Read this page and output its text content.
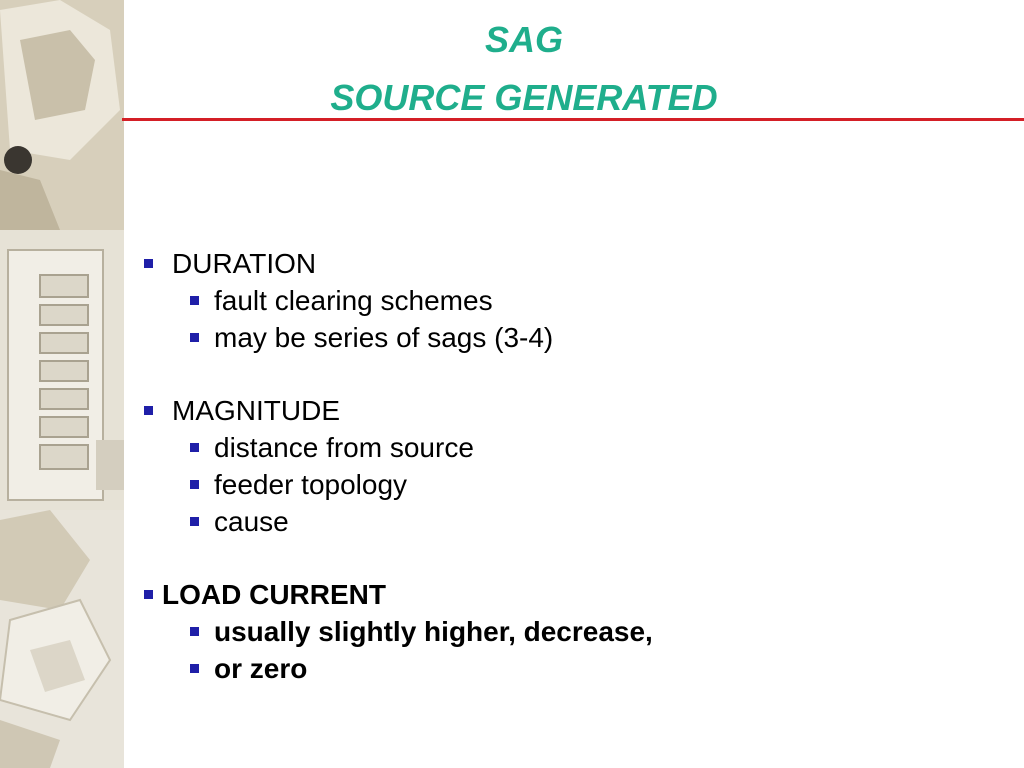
SAG
SOURCE GENERATED
DURATION
fault clearing schemes
may be series of sags (3-4)
MAGNITUDE
distance from source
feeder topology
cause
LOAD CURRENT
usually slightly higher, decrease,
or zero
